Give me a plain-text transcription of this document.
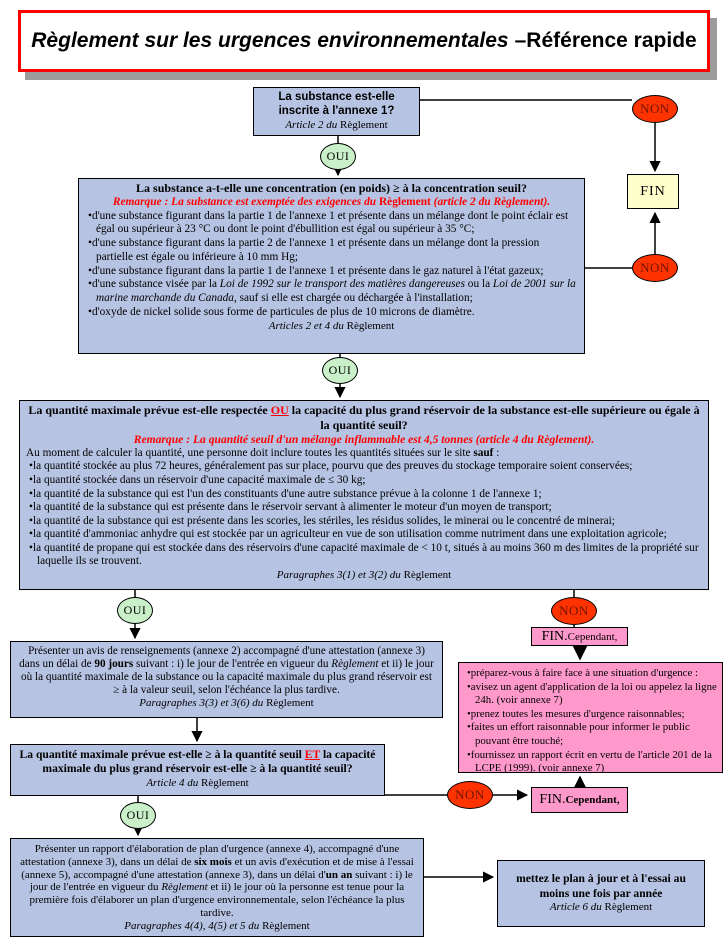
Règlement sur les urgences environnementales – Référence rapide
La substance est-elle inscrite à l'annexe 1?
Article 2 du Règlement
OUI
NON
FIN
NON
La substance a-t-elle une concentration (en poids) ≥ à la concentration seuil?
Remarque : La substance est exemptée des exigences du Règlement (article 2 du Règlement).
• d'une substance figurant dans la partie 1 de l'annexe 1 et présente dans un mélange dont le point éclair est égal ou supérieur à 23 °C ou dont le point d'ébullition est égal ou supérieur à 35 °C;
• d'une substance figurant dans la partie 2 de l'annexe 1 et présente dans un mélange dont la pression partielle est égale ou inférieure à 10 mm Hg;
• d'une substance figurant dans la partie 1 de l'annexe 1 et présente dans le gaz naturel à l'état gazeux;
• d'une substance visée par la Loi de 1992 sur le transport des matières dangereuses ou la Loi de 2001 sur la marine marchande du Canada, sauf si elle est chargée ou déchargée à l'installation;
• d'oxyde de nickel solide sous forme de particules de plus de 10 microns de diamètre.
Articles 2 et 4 du Règlement
OUI
La quantité maximale prévue est-elle respectée OU la capacité du plus grand réservoir de la substance est-elle supérieure ou égale à la quantité seuil?
Remarque : La quantité seuil d'un mélange inflammable est 4,5 tonnes (article 4 du Règlement).
Au moment de calculer la quantité, une personne doit inclure toutes les quantités situées sur le site sauf :
• la quantité stockée au plus 72 heures, généralement pas sur place, pourvu que des preuves du stockage temporaire soient conservées;
• la quantité stockée dans un réservoir d'une capacité maximale de ≤ 30 kg;
• la quantité de la substance qui est l'un des constituants d'une autre substance prévue à la colonne 1 de l'annexe 1;
• la quantité de la substance qui est présente dans le réservoir servant à alimenter le moteur d'un moyen de transport;
• la quantité de la substance qui est présente dans les scories, les stériles, les résidus solides, le minerai ou le concentré de minerai;
• la quantité d'ammoniac anhydre qui est stockée par un agriculteur en vue de son utilisation comme nutriment dans une exploitation agricole;
• la quantité de propane qui est stockée dans des réservoirs d'une capacité maximale de < 10 t, situés à au moins 360 m des limites de la propriété sur laquelle ils se trouvent.
Paragraphes 3(1) et 3(2) du Règlement
OUI	NON
Présenter un avis de renseignements (annexe 2) accompagné d'une attestation (annexe 3) dans un délai de 90 jours suivant : i) le jour de l'entrée en vigueur du Règlement et ii) le jour où la quantité maximale de la substance ou la capacité maximale du plus grand réservoir est ≥ à la valeur seuil, selon l'échéance la plus tardive.
Paragraphes 3(3) et 3(6) du Règlement
FIN. Cependant,
• préparez-vous à faire face à une situation d'urgence :
• avisez un agent d'application de la loi ou appelez la ligne 24h. (voir annexe 7)
• prenez toutes les mesures d'urgence raisonnables;
• faites un effort raisonnable pour informer le public pouvant être touché;
• fournissez un rapport écrit en vertu de l'article 201 de la LCPE (1999). (voir annexe 7)
La quantité maximale prévue est-elle ≥ à la quantité seuil ET la capacité maximale du plus grand réservoir est-elle ≥ à la quantité seuil?
Article 4 du Règlement
NON
OUI
FIN. Cependant,
Présenter un rapport d'élaboration de plan d'urgence (annexe 4), accompagné d'une attestation (annexe 3), dans un délai de six mois et un avis d'exécution et de mise à l'essai (annexe 5), accompagné d'une attestation (annexe 3), dans un délai d'un an suivant : i) le jour de l'entrée en vigueur du Règlement et ii) le jour où la personne est tenue pour la première fois d'élaborer un plan d'urgence environnementale, selon l'échéance la plus tardive.
Paragraphes 4(4), 4(5) et 5 du Règlement
mettez le plan à jour et à l'essai au moins une fois par année
Article 6 du Règlement
